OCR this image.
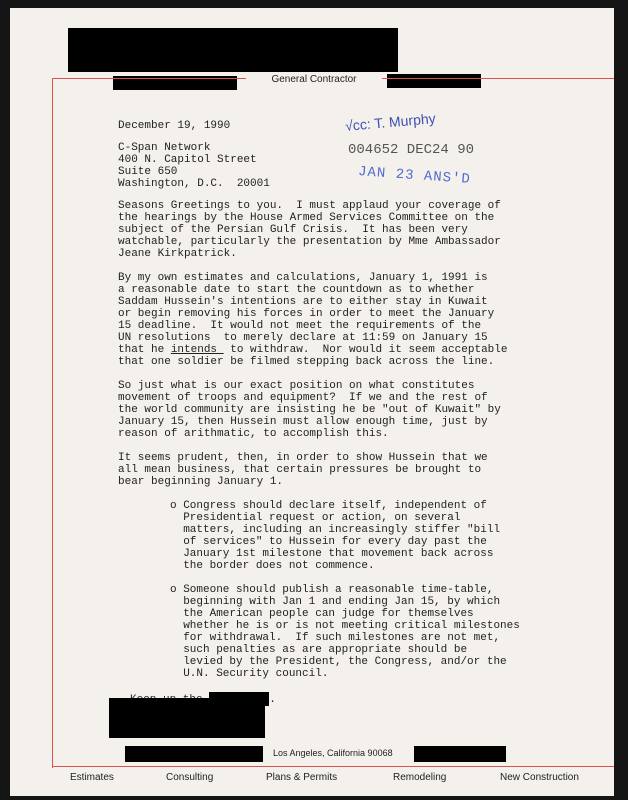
General Contractor
√cc: T. Murphy
004652 DEC24 90
JAN 23 ANS'D
December 19, 1990
C-Span Network
400 N. Capitol Street
Suite 650
Washington, D.C.  20001
Seasons Greetings to you.  I must applaud your coverage of
the hearings by the House Armed Services Committee on the
subject of the Persian Gulf Crisis.  It has been very
watchable, particularly the presentation by Mme Ambassador
Jeane Kirkpatrick.
By my own estimates and calculations, January 1, 1991 is
a reasonable date to start the countdown as to whether
Saddam Hussein's intentions are to either stay in Kuwait
or begin removing his forces in order to meet the January
15 deadline.  It would not meet the requirements of the
UN resolutions  to merely declare at 11:59 on January 15
that he intends  to withdraw.  Nor would it seem acceptable
that one soldier be filmed stepping back across the line.
So just what is our exact position on what constitutes
movement of troops and equipment?  If we and the rest of
the world community are insisting he be "out of Kuwait" by
January 15, then Hussein must allow enough time, just by
reason of arithmatic, to accomplish this.
It seems prudent, then, in order to show Hussein that we
all mean business, that certain pressures be brought to
bear beginning January 1.
o Congress should declare itself, independent of
Presidential request or action, on several
matters, including an increasingly stiffer "bill
of services" to Hussein for every day past the
January 1st milestone that movement back across
the border does not commence.
o Someone should publish a reasonable time-table,
beginning with Jan 1 and ending Jan 15, by which
the American people can judge for themselves
whether he is or is not meeting critical milestones
for withdrawal.  If such milestones are not met,
such penalties as are appropriate should be
levied by the President, the Congress, and/or the
U.N. Security council.
.
Los Angeles, California 90068
Estimates	Consulting	Plans & Permits	Remodeling	New Construction
